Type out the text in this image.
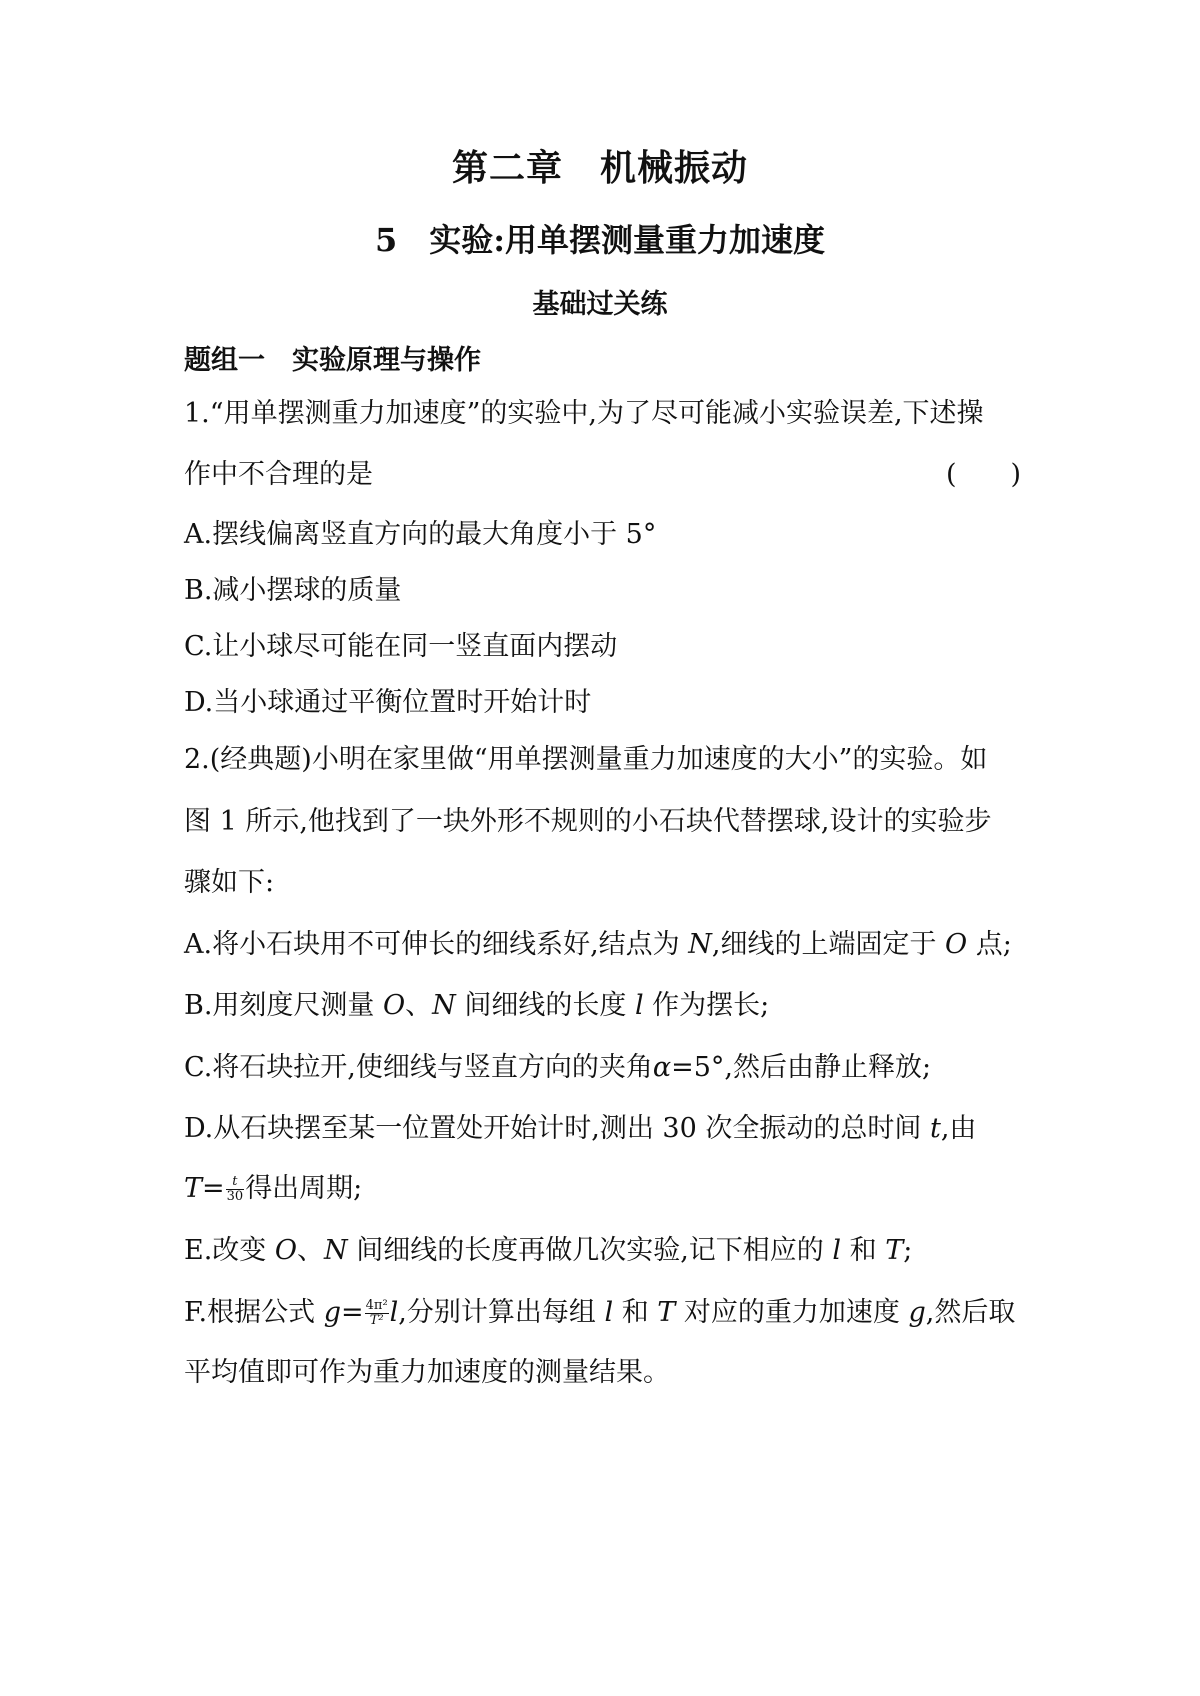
第二章　机械振动
5　实验:用单摆测量重力加速度
基础过关练
题组一　实验原理与操作
1.“用单摆测重力加速度”的实验中,为了尽可能减小实验误差,下述操
作中不合理的是	(　　)
A.摆线偏离竖直方向的最大角度小于 5°
B.减小摆球的质量
C.让小球尽可能在同一竖直面内摆动
D.当小球通过平衡位置时开始计时
2.(经典题)小明在家里做“用单摆测量重力加速度的大小”的实验。如
图 1 所示,他找到了一块外形不规则的小石块代替摆球,设计的实验步
骤如下:
A.将小石块用不可伸长的细线系好,结点为 N,细线的上端固定于 O 点;
B.用刻度尺测量 O、N 间细线的长度 l 作为摆长;
C.将石块拉开,使细线与竖直方向的夹角α=5°,然后由静止释放;
D.从石块摆至某一位置处开始计时,测出 30 次全振动的总时间 t,由
$T= \frac{t}{30}$ 得出周期;
E.改变 O、N 间细线的长度再做几次实验,记下相应的 l 和 T;
F.根据公式 $g= \frac{\text{4π²}}{\text{T²}} l$,分别计算出每组 l 和 T 对应的重力加速度 g,然后取
平均值即可作为重力加速度的测量结果。
